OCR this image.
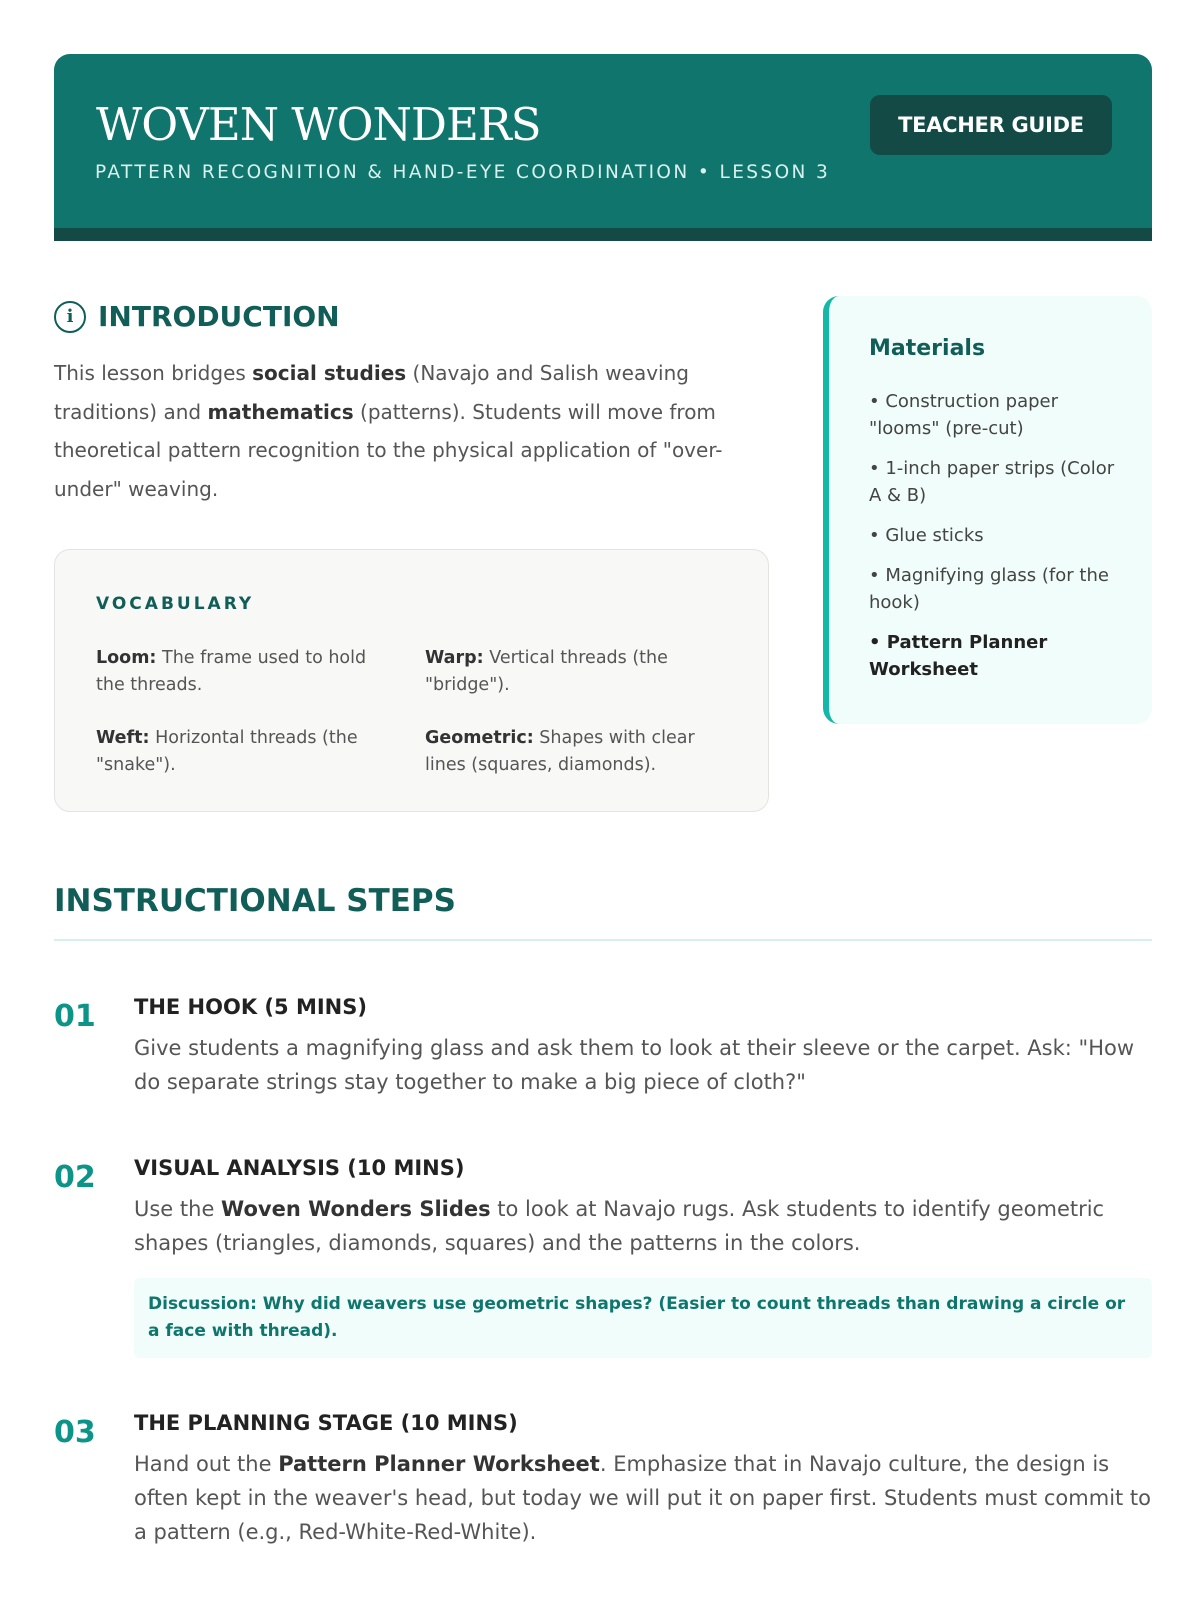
WOVEN WONDERS
PATTERN RECOGNITION & HAND-EYE COORDINATION • LESSON 3
TEACHER GUIDE
i INTRODUCTION

This lesson bridges social studies (Navajo and Salish weaving traditions) and mathematics (patterns). Students will move from theoretical pattern recognition to the physical application of "over-under" weaving.

VOCABULARY
Loom: The frame used to hold the threads.
Warp: Vertical threads (the "bridge").
Weft: Horizontal threads (the "snake").
Geometric: Shapes with clear lines (squares, diamonds).
Materials
• Construction paper "looms" (pre-cut)
• 1-inch paper strips (Color A & B)
• Glue sticks
• Magnifying glass (for the hook)
• Pattern Planner Worksheet
INSTRUCTIONAL STEPS
01 THE HOOK (5 MINS)
Give students a magnifying glass and ask them to look at their sleeve or the carpet. Ask: "How do separate strings stay together to make a big piece of cloth?"
02 VISUAL ANALYSIS (10 MINS)
Use the Woven Wonders Slides to look at Navajo rugs. Ask students to identify geometric shapes (triangles, diamonds, squares) and the patterns in the colors.
Discussion: Why did weavers use geometric shapes? (Easier to count threads than drawing a circle or a face with thread).
03 THE PLANNING STAGE (10 MINS)
Hand out the Pattern Planner Worksheet. Emphasize that in Navajo culture, the design is often kept in the weaver's head, but today we will put it on paper first. Students must commit to a pattern (e.g., Red-White-Red-White).
